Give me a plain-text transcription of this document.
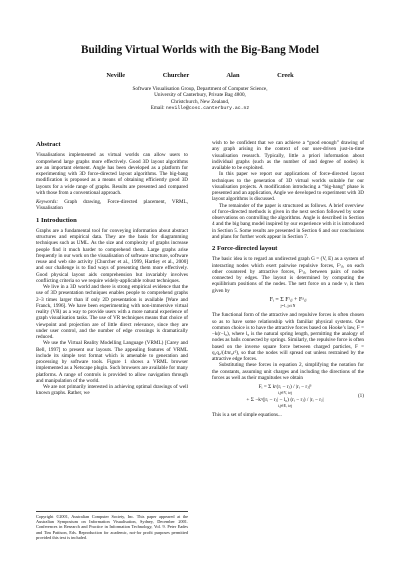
Building Virtual Worlds with the Big-Bang Model
Neville Churcher	Alan Creek
Software Visualisation Group, Department of Computer Science,
University of Canterbury, Private Bag 4800,
Christchurch, New Zealand,
Email: neville@cosc.canterbury.ac.nz
Abstract

Visualisations implemented as virtual worlds can allow users to comprehend large graphs more effectively. Good 3D layout algorithms are an important element. Angle has been developed as a platform for experimenting with 3D force-directed layout algorithms. The big-bang modification is proposed as a means of obtaining efficiently good 3D layouts for a wide range of graphs. Results are presented and compared with those from a conventional approach.

Keywords: Graph drawing, Force-directed placement, VRML, Visualisation

1 Introduction

Graphs are a fundamental tool for conveying information about abstract structures and empirical data. They are the basis for diagramming techniques such as UML. As the size and complexity of graphs increase people find it much harder to comprehend them. Large graphs arise frequently in our work on the visualisation of software structure, software reuse and web site activity [Churcher et al., 1999, Hartley et al., 2000] and our challenge is to find ways of presenting them more effectively. Good physical layout aids comprehension but invariably involves conflicting criteria so we require widely-applicable robust techniques.

We live in a 3D world and there is strong empirical evidence that the use of 3D presentation techniques enables people to comprehend graphs 2–3 times larger than if only 2D presentation is available [Ware and Franck, 1996]. We have been experimenting with non-immersive virtual reality (VR) as a way to provide users with a more natural experience of graph visualisation tasks. The use of VR techniques means that choice of viewpoint and projection are of little direct relevance, since they are under user control, and the number of edge crossings is dramatically reduced.

We use the Virtual Reality Modelling Language (VRML) [Carey and Bell, 1997] to present our layouts. The appealing features of VRML include its simple text format which is amenable to generation and processing by software tools. Figure 1 shows a VRML browser implemented as a Netscape plugin. Such browsers are available for many platforms. A range of controls is provided to allow navigation through and manipulation of the world.

We are not primarily interested in achieving optimal drawings of well known graphs. Rather, we

Copyright ©2001, Australian Computer Society, Inc. This paper appeared at the Australian Symposium on Information Visualisation, Sydney, December 2001. Conferences in Research and Practice in Information Technology, Vol. 9. Peter Eades and Tim Pattison, Eds. Reproduction for academic, not-for profit purposes permitted provided this text is included.

wish to be confident that we can achieve a “good enough” drawing of any graph arising in the context of our user-driven just-in-time visualisation research. Typically, little a priori information about individual graphs (such as the number of and degree of nodes) is available to be exploited.

In this paper we report our applications of force-directed layout techniques to the generation of 3D virtual worlds suitable for our visualisation projects. A modification introducing a “big-bang” phase is presented and an application, Angle we developed to experiment with 3D layout algorithms is discussed.

The remainder of the paper is structured as follows. A brief overview of force-directed methods is given in the next section followed by some observations on controlling the algorithms. Angle is described in Section 4 and the big bang model inspired by our experience with it is introduced in Section 5. Some results are presented in Section 6 and our conclusions and plans for further work appear in Section 7.

2 Force-directed layout

The basic idea is to regard an undirected graph G = (V, E) as a system of interacting nodes which exert pairwise repulsive forces, Fʳᵢⱼ, on each other countered by attractive forces, Fᵃᵢⱼ, between pairs of nodes connected by edges. The layout is determined by computing the equilibrium positions of the nodes. The nett force on a node vᵢ is then given by

Fᵢ = Σ Fʳᵢⱼ + Fᵃᵢⱼ
j=1, j≠i N

The functional form of the attractive and repulsive forces is often chosen so as to have some relationship with familiar physical systems. One common choice is to have the attractive forces based on Hooke’s law, F = −k(r−l₀), where l₀ is the natural spring length, permitting the analogy of nodes as balls connected by springs. Similarly, the repulsive force is often based on the inverse square force between charged particles, F = q₁q₂/(4πε₀r²), so that the nodes will spread out unless restrained by the attractive edge forces.

Substituting these forces in equation 2, simplifying the notation for the constants, assuming unit charges and including the directions of the forces as well as their magnitudes we obtain

Fᵢ = Σ kʳ(rᵢ − rⱼ) / |rᵢ − rⱼ|³
i,j∈V, i≠j
+ Σ −kᵃ(|rᵢ − rⱼ| − l₀) (rᵢ − rⱼ) / |rᵢ − rⱼ|
i,j∈E, i≠j
(1)

This is a set of simple equations...
